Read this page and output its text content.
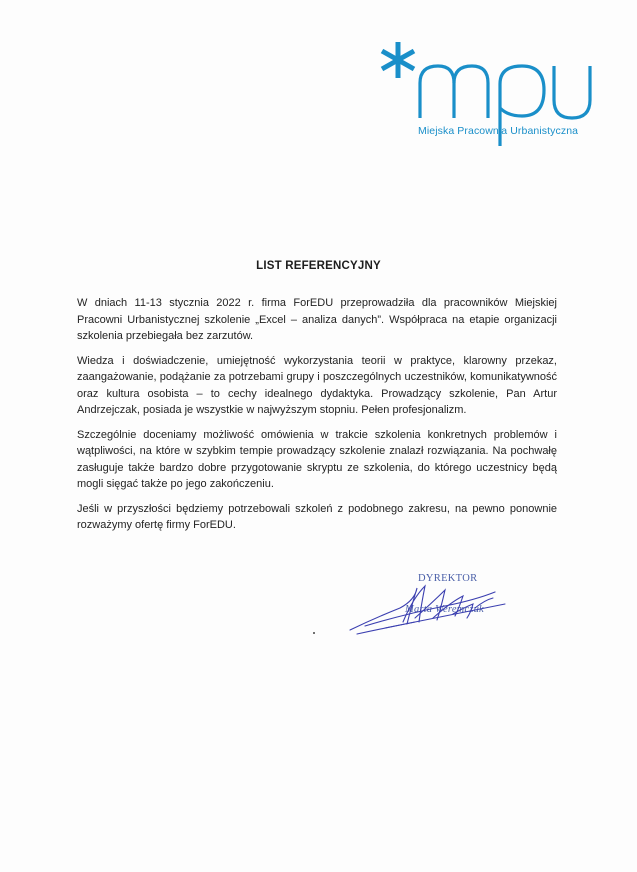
Miejska Pracownia Urbanistyczna
LIST REFERENCYJNY

W dniach 11-13 stycznia 2022 r. firma ForEDU przeprowadziła dla pracowników Miejskiej Pracowni Urbanistycznej szkolenie „Excel – analiza danych”. Współpraca na etapie organizacji szkolenia przebiegała bez zarzutów.

Wiedza i doświadczenie, umiejętność wykorzystania teorii w praktyce, klarowny przekaz, zaangażowanie, podążanie za potrzebami grupy i poszczególnych uczestników, komunikatywność oraz kultura osobista – to cechy idealnego dydaktyka. Prowadzący szkolenie, Pan Artur Andrzejczak, posiada je wszystkie w najwyższym stopniu. Pełen profesjonalizm.

Szczególnie doceniamy możliwość omówienia w trakcie szkolenia konkretnych problemów i wątpliwości, na które w szybkim tempie prowadzący szkolenie znalazł rozwiązania. Na pochwałę zasługuje także bardzo dobre przygotowanie skryptu ze szkolenia, do którego uczestnicy będą mogli sięgać także po jego zakończeniu.

Jeśli w przyszłości będziemy potrzebowali szkoleń z podobnego zakresu, na pewno ponownie rozważymy ofertę firmy ForEDU.

DYREKTOR
Marta Weremczuk
